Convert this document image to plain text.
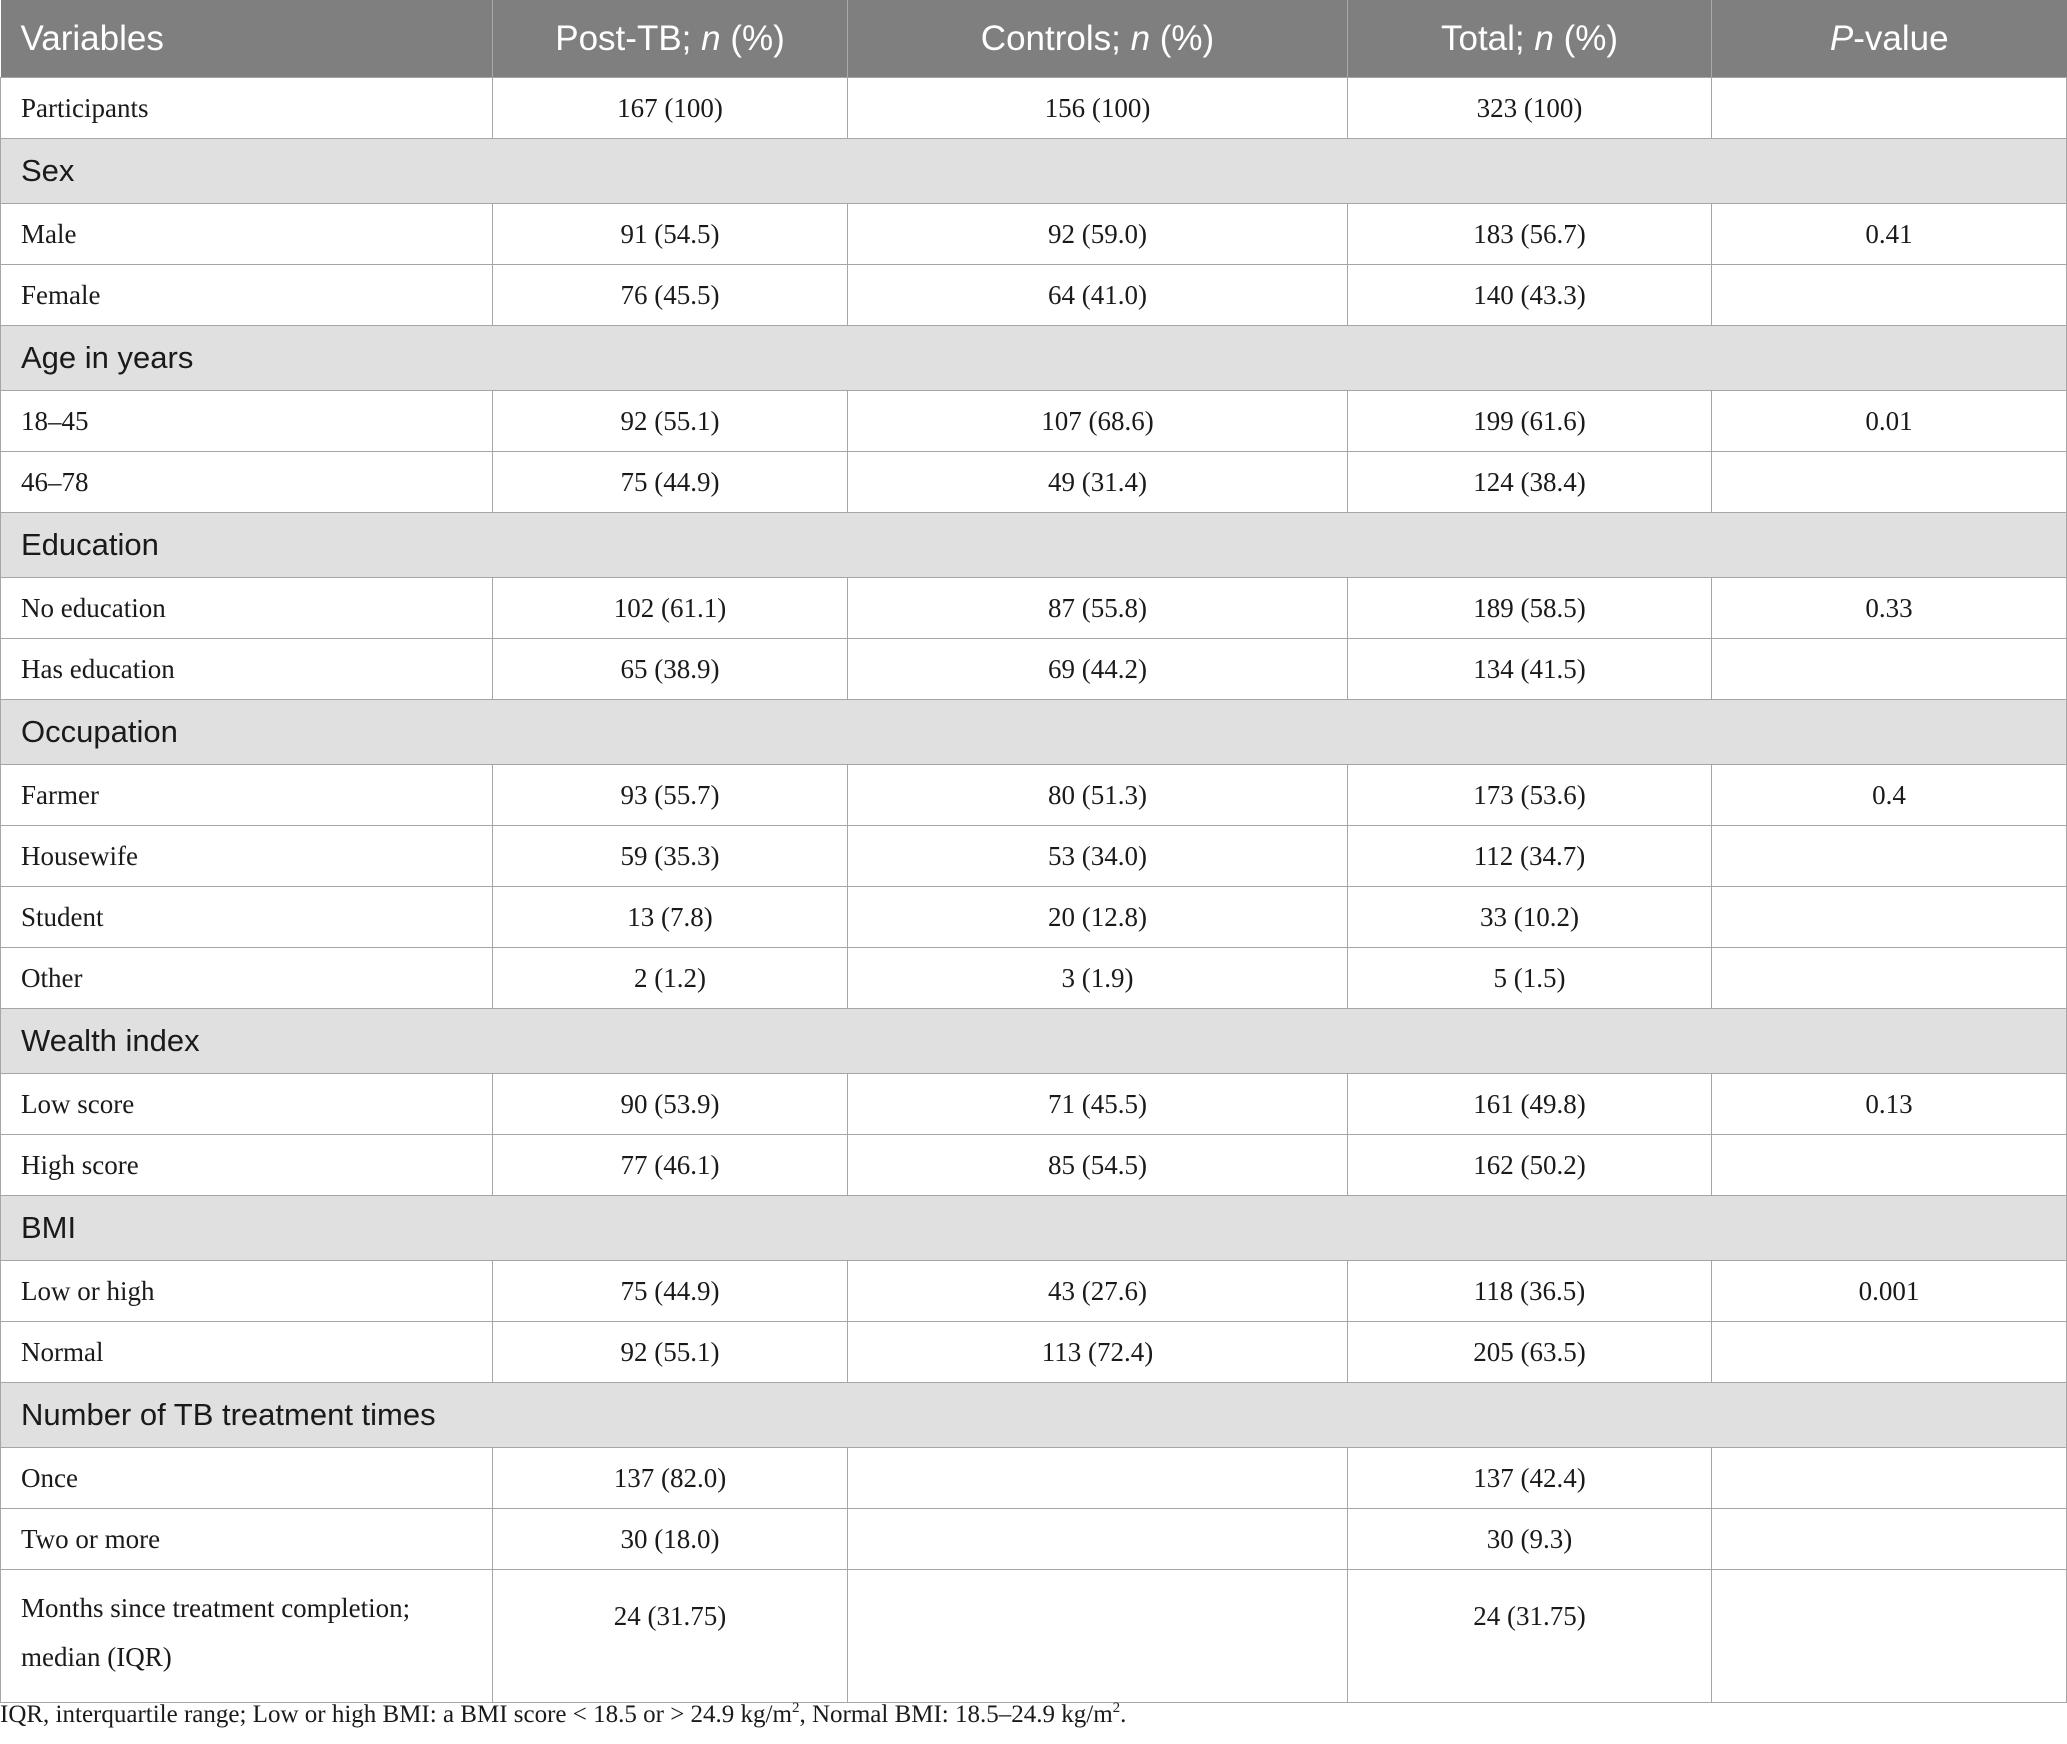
Variables	Post-TB; n (%)	Controls; n (%)	Total; n (%)	P-value
Participants	167 (100)	156 (100)	323 (100)	
Sex				
Male	91 (54.5)	92 (59.0)	183 (56.7)	0.41
Female	76 (45.5)	64 (41.0)	140 (43.3)	
Age in years				
18–45	92 (55.1)	107 (68.6)	199 (61.6)	0.01
46–78	75 (44.9)	49 (31.4)	124 (38.4)	
Education				
No education	102 (61.1)	87 (55.8)	189 (58.5)	0.33
Has education	65 (38.9)	69 (44.2)	134 (41.5)	
Occupation				
Farmer	93 (55.7)	80 (51.3)	173 (53.6)	0.4
Housewife	59 (35.3)	53 (34.0)	112 (34.7)	
Student	13 (7.8)	20 (12.8)	33 (10.2)	
Other	2 (1.2)	3 (1.9)	5 (1.5)	
Wealth index				
Low score	90 (53.9)	71 (45.5)	161 (49.8)	0.13
High score	77 (46.1)	85 (54.5)	162 (50.2)	
BMI				
Low or high	75 (44.9)	43 (27.6)	118 (36.5)	0.001
Normal	92 (55.1)	113 (72.4)	205 (63.5)	
Number of TB treatment times				
Once	137 (82.0)		137 (42.4)	
Two or more	30 (18.0)		30 (9.3)	

Months since treatment completion;
median (IQR)	24 (31.75)		24 (31.75)	
IQR, interquartile range; Low or high BMI: a BMI score < 18.5 or > 24.9 $kg/m^2$, Normal BMI: 18.5–24.9 $kg/m^2$.
